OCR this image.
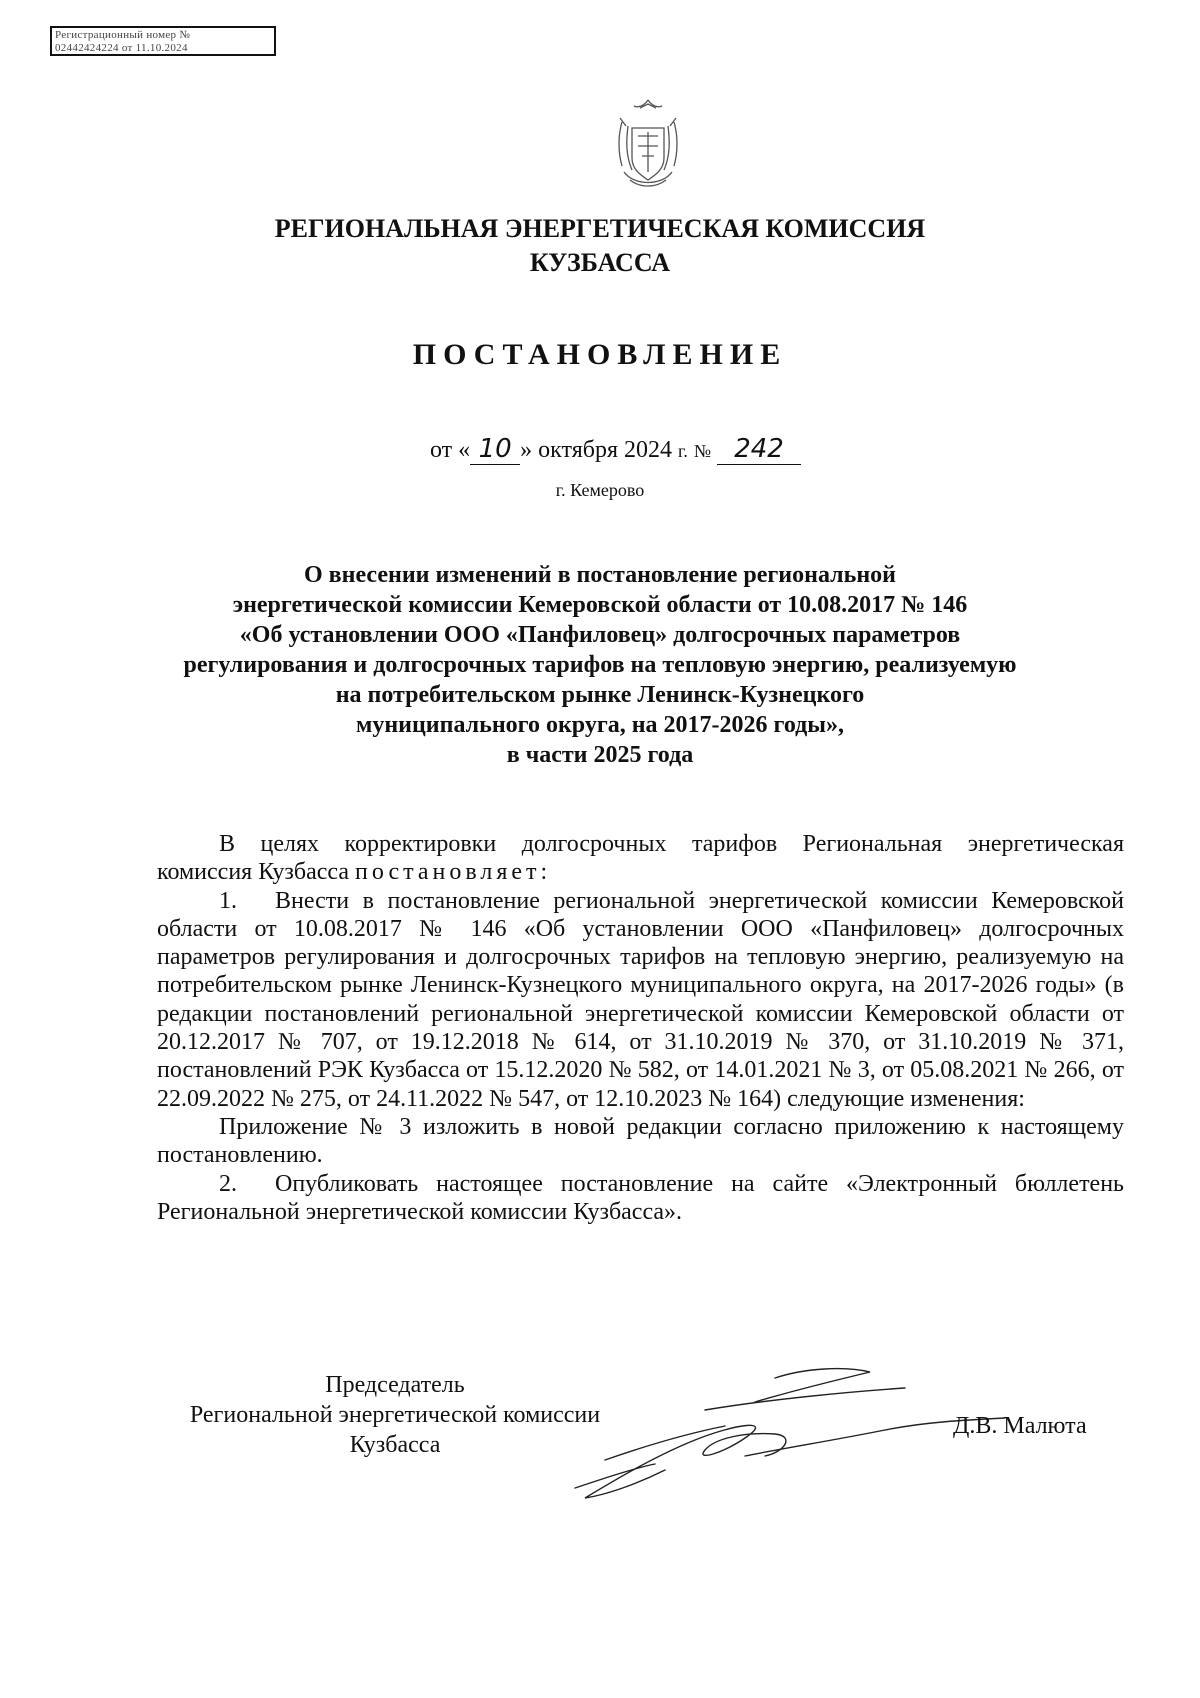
Регистрационный номер №
02442424224 от 11.10.2024
РЕГИОНАЛЬНАЯ ЭНЕРГЕТИЧЕСКАЯ КОМИССИЯ
КУЗБАССА
ПОСТАНОВЛЕНИЕ
от « 10 » октября 2024 г. № 242
г. Кемерово
О внесении изменений в постановление региональной
энергетической комиссии Кемеровской области от 10.08.2017 № 146
«Об установлении ООО «Панфиловец» долгосрочных параметров
регулирования и долгосрочных тарифов на тепловую энергию, реализуемую
на потребительском рынке Ленинск-Кузнецкого
муниципального округа, на 2017-2026 годы»,
в части 2025 года

В целях корректировки долгосрочных тарифов Региональная энергетическая

комиссия Кузбасса постановляет:

1. Внести в постановление региональной энергетической комиссии Кемеровской области от 10.08.2017 № 146 «Об установлении ООО «Панфиловец» долгосрочных параметров регулирования и долгосрочных тарифов на тепловую энергию, реализуемую на потребительском рынке Ленинск-Кузнецкого муниципального округа, на 2017-2026 годы» (в редакции постановлений региональной энергетической комиссии Кемеровской области от 20.12.2017 № 707, от 19.12.2018 № 614, от 31.10.2019 № 370, от 31.10.2019 № 371, постановлений РЭК Кузбасса от 15.12.2020 № 582, от 14.01.2021 № 3, от 05.08.2021 № 266, от 22.09.2022 № 275, от 24.11.2022 № 547, от 12.10.2023 № 164) следующие изменения:

Приложение № 3 изложить в новой редакции согласно приложению к настоящему постановлению.

2. Опубликовать настоящее постановление на сайте «Электронный бюллетень Региональной энергетической комиссии Кузбасса».

Председатель
Региональной энергетической комиссии
Кузбасса
Д.В. Малюта
